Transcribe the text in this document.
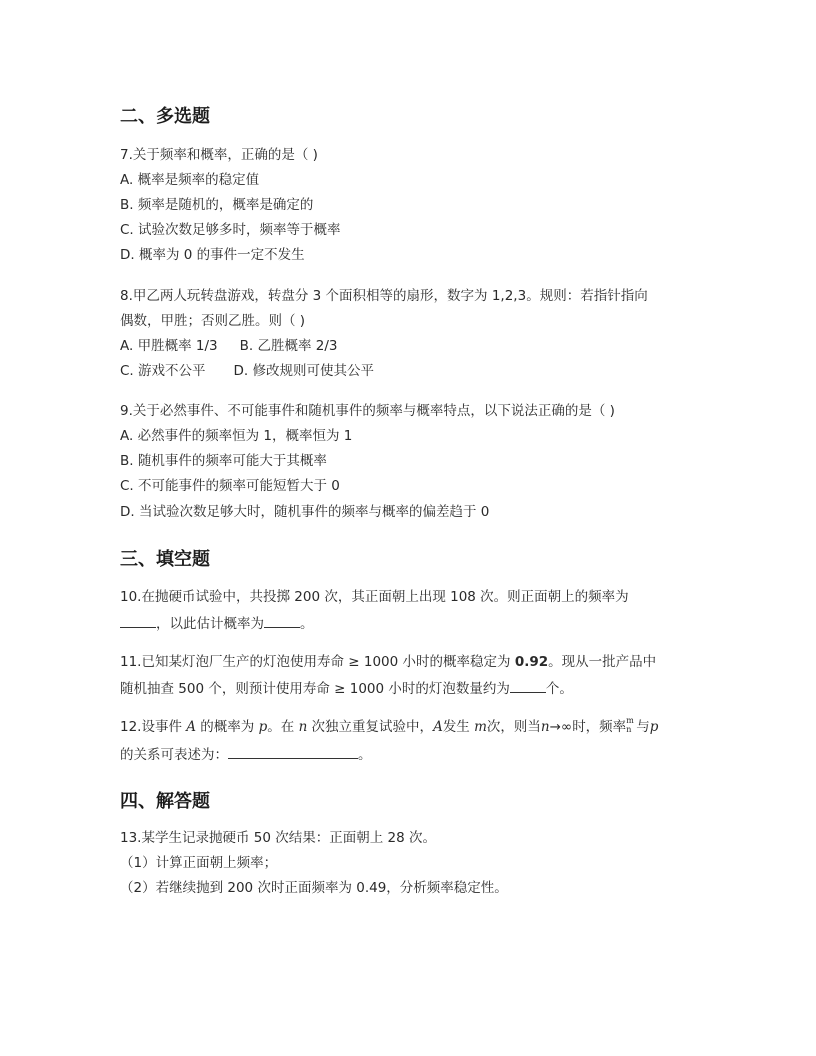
二、多选题
7.关于频率和概率，正确的是（ )
A. 概率是频率的稳定值
B. 频率是随机的，概率是确定的
C. 试验次数足够多时，频率等于概率
D. 概率为 0 的事件一定不发生
8.甲乙两人玩转盘游戏，转盘分 3 个面积相等的扇形，数字为 1,2,3。规则：若指针指向
偶数，甲胜；否则乙胜。则（ )
A. 甲胜概率 1/3 B. 乙胜概率 2/3
C. 游戏不公平 D. 修改规则可使其公平
9.关于必然事件、不可能事件和随机事件的频率与概率特点，以下说法正确的是（ )
A. 必然事件的频率恒为 1，概率恒为 1
B. 随机事件的频率可能大于其概率
C. 不可能事件的频率可能短暂大于 0
D. 当试验次数足够大时，随机事件的频率与概率的偏差趋于 0
三、填空题
10.在抛硬币试验中，共投掷 200 次，其正面朝上出现 108 次。则正面朝上的频率为
，以此估计概率为	。
11.已知某灯泡厂生产的灯泡使用寿命 ≥ 1000 小时的概率稳定为 0.92。现从一批产品中
随机抽查 500 个，则预计使用寿命 ≥ 1000 小时的灯泡数量约为	个。
12.设事件 A 的概率为 p。在 n 次独立重复试验中，A发生 m次，则当n→∞时，频率 m
n 与p
的关系可表述为：	。
四、解答题
13.某学生记录抛硬币 50 次结果：正面朝上 28 次。
（1）计算正面朝上频率；
（2）若继续抛到 200 次时正面频率为 0.49，分析频率稳定性。
